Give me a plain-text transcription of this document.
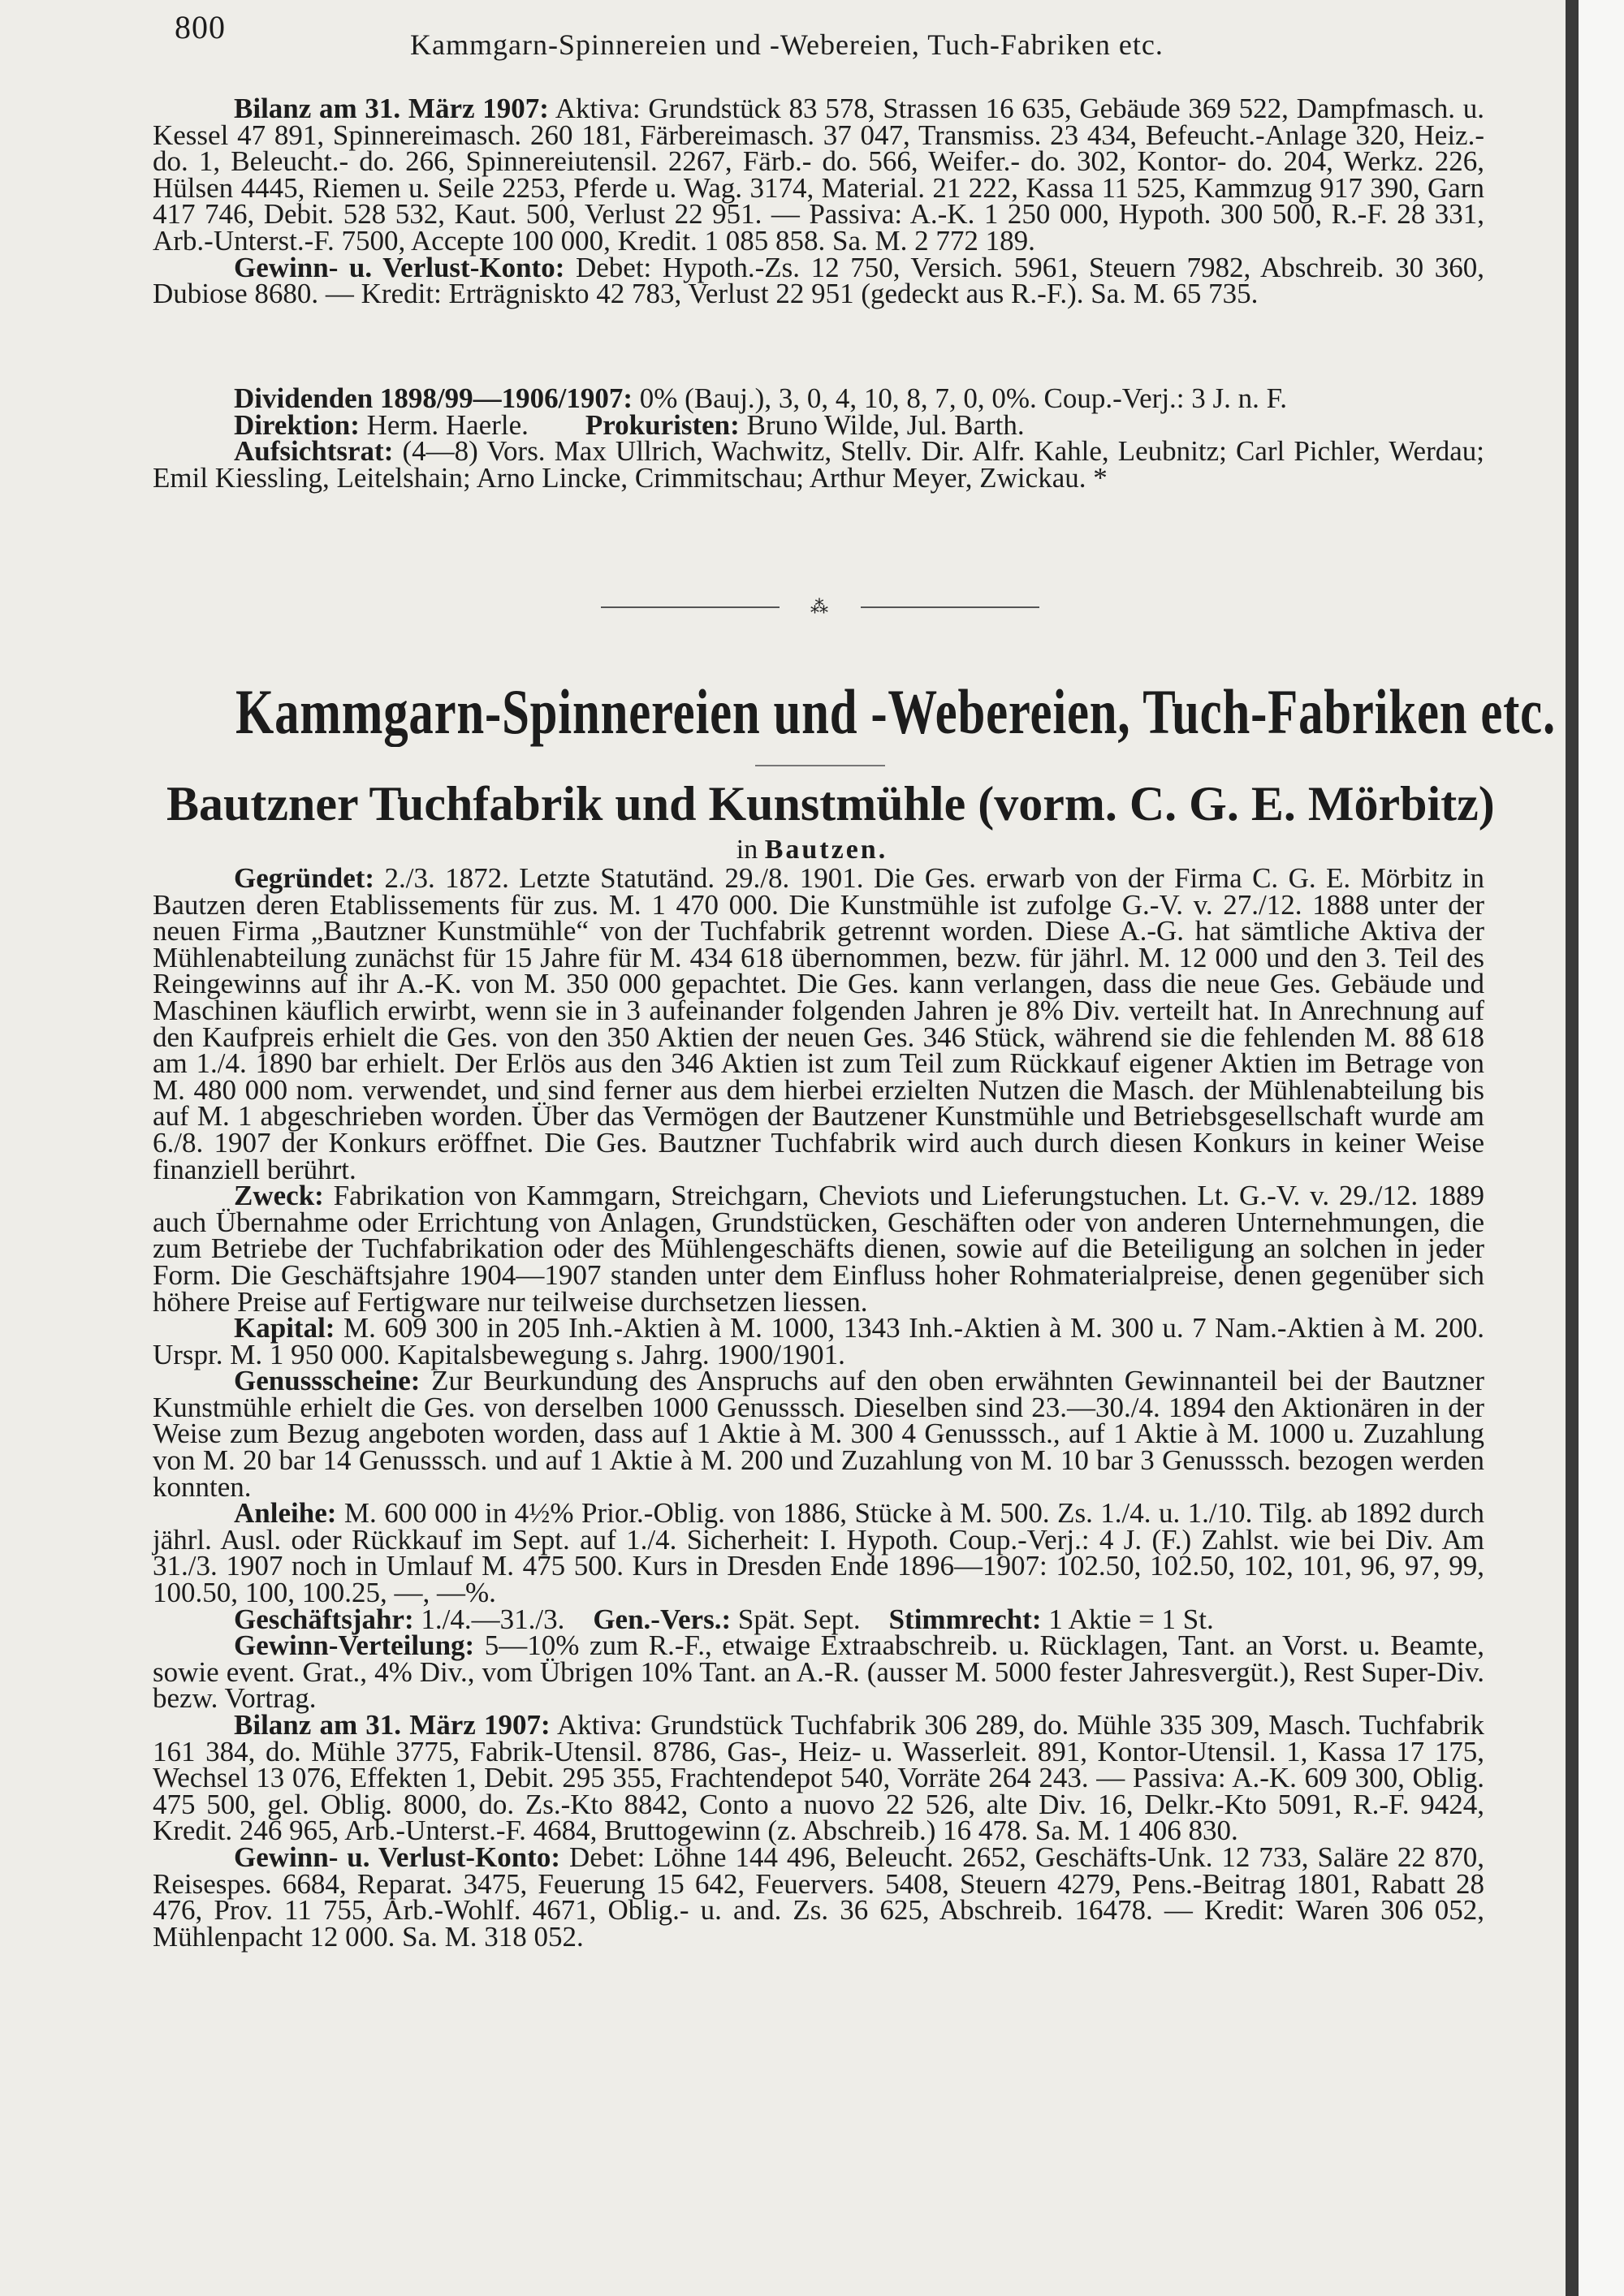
800	Kammgarn-Spinnereien und -Webereien, Tuch-Fabriken etc.

Bilanz am 31. März 1907: Aktiva: Grundstück 83 578, Strassen 16 635, Gebäude 369 522, Dampfmasch. u. Kessel 47 891, Spinnereimasch. 260 181, Färbereimasch. 37 047, Transmiss. 23 434, Befeucht.-Anlage 320, Heiz.- do. 1, Beleucht.- do. 266, Spinnereiutensil. 2267, Färb.- do. 566, Weifer.- do. 302, Kontor- do. 204, Werkz. 226, Hülsen 4445, Riemen u. Seile 2253, Pferde u. Wag. 3174, Material. 21 222, Kassa 11 525, Kammzug 917 390, Garn 417 746, Debit. 528 532, Kaut. 500, Verlust 22 951. — Passiva: A.-K. 1 250 000, Hypoth. 300 500, R.-F. 28 331, Arb.-Unterst.-F. 7500, Accepte 100 000, Kredit. 1 085 858. Sa. M. 2 772 189.

Gewinn- u. Verlust-Konto: Debet: Hypoth.-Zs. 12 750, Versich. 5961, Steuern 7982, Abschreib. 30 360, Dubiose 8680. — Kredit: Erträgniskto 42 783, Verlust 22 951 (gedeckt aus R.-F.). Sa. M. 65 735.

Dividenden 1898/99—1906/1907: 0% (Bauj.), 3, 0, 4, 10, 8, 7, 0, 0%. Coup.-Verj.: 3 J. n. F.

Direktion: Herm. Haerle. Prokuristen: Bruno Wilde, Jul. Barth.

Aufsichtsrat: (4—8) Vors. Max Ullrich, Wachwitz, Stellv. Dir. Alfr. Kahle, Leubnitz; Carl Pichler, Werdau; Emil Kiessling, Leitelshain; Arno Lincke, Crimmitschau; Arthur Meyer, Zwickau. *

⁂
Kammgarn-Spinnereien und -Webereien, Tuch-Fabriken etc.
Bautzner Tuchfabrik und Kunstmühle (vorm. C. G. E. Mörbitz)
in Bautzen.

Gegründet: 2./3. 1872. Letzte Statutänd. 29./8. 1901. Die Ges. erwarb von der Firma C. G. E. Mörbitz in Bautzen deren Etablissements für zus. M. 1 470 000. Die Kunstmühle ist zufolge G.-V. v. 27./12. 1888 unter der neuen Firma „Bautzner Kunstmühle“ von der Tuchfabrik getrennt worden. Diese A.-G. hat sämtliche Aktiva der Mühlenabteilung zunächst für 15 Jahre für M. 434 618 übernommen, bezw. für jährl. M. 12 000 und den 3. Teil des Reingewinns auf ihr A.-K. von M. 350 000 gepachtet. Die Ges. kann verlangen, dass die neue Ges. Gebäude und Maschinen käuflich erwirbt, wenn sie in 3 aufeinander folgenden Jahren je 8% Div. verteilt hat. In Anrechnung auf den Kaufpreis erhielt die Ges. von den 350 Aktien der neuen Ges. 346 Stück, während sie die fehlenden M. 88 618 am 1./4. 1890 bar erhielt. Der Erlös aus den 346 Aktien ist zum Teil zum Rückkauf eigener Aktien im Betrage von M. 480 000 nom. verwendet, und sind ferner aus dem hierbei erzielten Nutzen die Masch. der Mühlenabteilung bis auf M. 1 abgeschrieben worden. Über das Vermögen der Bautzener Kunstmühle und Betriebsgesellschaft wurde am 6./8. 1907 der Konkurs eröffnet. Die Ges. Bautzner Tuchfabrik wird auch durch diesen Konkurs in keiner Weise finanziell berührt.

Zweck: Fabrikation von Kammgarn, Streichgarn, Cheviots und Lieferungstuchen. Lt. G.-V. v. 29./12. 1889 auch Übernahme oder Errichtung von Anlagen, Grundstücken, Geschäften oder von anderen Unternehmungen, die zum Betriebe der Tuchfabrikation oder des Mühlengeschäfts dienen, sowie auf die Beteiligung an solchen in jeder Form. Die Geschäftsjahre 1904—1907 standen unter dem Einfluss hoher Rohmaterialpreise, denen gegenüber sich höhere Preise auf Fertigware nur teilweise durchsetzen liessen.

Kapital: M. 609 300 in 205 Inh.-Aktien à M. 1000, 1343 Inh.-Aktien à M. 300 u. 7 Nam.-Aktien à M. 200. Urspr. M. 1 950 000. Kapitalsbewegung s. Jahrg. 1900/1901.

Genussscheine: Zur Beurkundung des Anspruchs auf den oben erwähnten Gewinnanteil bei der Bautzner Kunstmühle erhielt die Ges. von derselben 1000 Genusssch. Dieselben sind 23.—30./4. 1894 den Aktionären in der Weise zum Bezug angeboten worden, dass auf 1 Aktie à M. 300 4 Genusssch., auf 1 Aktie à M. 1000 u. Zuzahlung von M. 20 bar 14 Genusssch. und auf 1 Aktie à M. 200 und Zuzahlung von M. 10 bar 3 Genusssch. bezogen werden konnten.

Anleihe: M. 600 000 in 4½% Prior.-Oblig. von 1886, Stücke à M. 500. Zs. 1./4. u. 1./10. Tilg. ab 1892 durch jährl. Ausl. oder Rückkauf im Sept. auf 1./4. Sicherheit: I. Hypoth. Coup.-Verj.: 4 J. (F.) Zahlst. wie bei Div. Am 31./3. 1907 noch in Umlauf M. 475 500. Kurs in Dresden Ende 1896—1907: 102.50, 102.50, 102, 101, 96, 97, 99, 100.50, 100, 100.25, —, —%.

Geschäftsjahr: 1./4.—31./3. Gen.-Vers.: Spät. Sept. Stimmrecht: 1 Aktie = 1 St.

Gewinn-Verteilung: 5—10% zum R.-F., etwaige Extraabschreib. u. Rücklagen, Tant. an Vorst. u. Beamte, sowie event. Grat., 4% Div., vom Übrigen 10% Tant. an A.-R. (ausser M. 5000 fester Jahresvergüt.), Rest Super-Div. bezw. Vortrag.

Bilanz am 31. März 1907: Aktiva: Grundstück Tuchfabrik 306 289, do. Mühle 335 309, Masch. Tuchfabrik 161 384, do. Mühle 3775, Fabrik-Utensil. 8786, Gas-, Heiz- u. Wasserleit. 891, Kontor-Utensil. 1, Kassa 17 175, Wechsel 13 076, Effekten 1, Debit. 295 355, Frachtendepot 540, Vorräte 264 243. — Passiva: A.-K. 609 300, Oblig. 475 500, gel. Oblig. 8000, do. Zs.-Kto 8842, Conto a nuovo 22 526, alte Div. 16, Delkr.-Kto 5091, R.-F. 9424, Kredit. 246 965, Arb.-Unterst.-F. 4684, Bruttogewinn (z. Abschreib.) 16 478. Sa. M. 1 406 830.

Gewinn- u. Verlust-Konto: Debet: Löhne 144 496, Beleucht. 2652, Geschäfts-Unk. 12 733, Saläre 22 870, Reisespes. 6684, Reparat. 3475, Feuerung 15 642, Feuervers. 5408, Steuern 4279, Pens.-Beitrag 1801, Rabatt 28 476, Prov. 11 755, Arb.-Wohlf. 4671, Oblig.- u. and. Zs. 36 625, Abschreib. 16478. — Kredit: Waren 306 052, Mühlenpacht 12 000. Sa. M. 318 052.
